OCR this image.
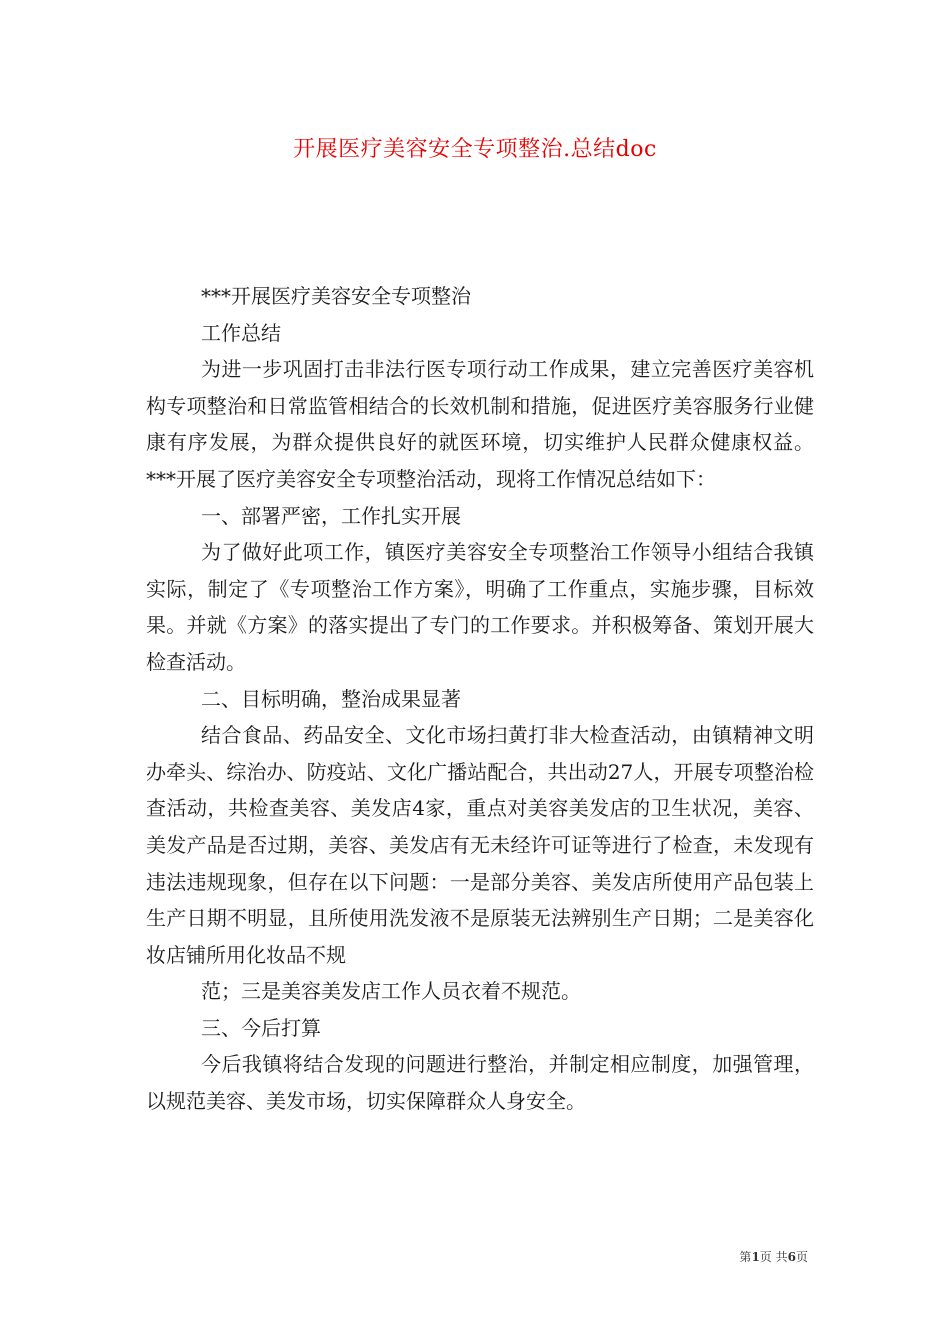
开展医疗美容安全专项整治.总结doc

***开展医疗美容安全专项整治

工作总结

为进一步巩固打击非法行医专项行动工作成果，建立完善医疗美容机构专项整治和日常监管相结合的长效机制和措施，促进医疗美容服务行业健康有序发展，为群众提供良好的就医环境，切实维护人民群众健康权益。***开展了医疗美容安全专项整治活动，现将工作情况总结如下：

一、部署严密，工作扎实开展

为了做好此项工作，镇医疗美容安全专项整治工作领导小组结合我镇实际，制定了《专项整治工作方案》，明确了工作重点，实施步骤，目标效果。并就《方案》的落实提出了专门的工作要求。并积极筹备、策划开展大检查活动。

二、目标明确，整治成果显著

结合食品、药品安全、文化市场扫黄打非大检查活动，由镇精神文明办牵头、综治办、防疫站、文化广播站配合，共出动27人，开展专项整治检查活动，共检查美容、美发店4家，重点对美容美发店的卫生状况，美容、美发产品是否过期，美容、美发店有无未经许可证等进行了检查，未发现有违法违规现象，但存在以下问题：一是部分美容、美发店所使用产品包装上生产日期不明显，且所使用洗发液不是原装无法辨别生产日期；二是美容化妆店铺所用化妆品不规

范；三是美容美发店工作人员衣着不规范。

三、今后打算

今后我镇将结合发现的问题进行整治，并制定相应制度，加强管理，以规范美容、美发市场，切实保障群众人身安全。

第1页 共6页
